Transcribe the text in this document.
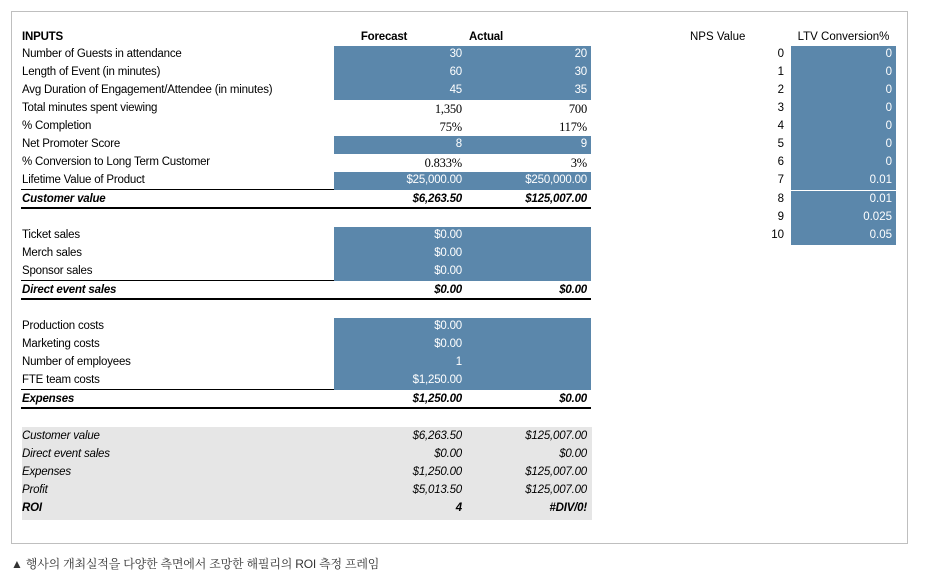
INPUTS	Forecast	Actual
Number of Guests in attendance	30	20
Length of Event (in minutes)	60	30
Avg Duration of Engagement/Attendee (in minutes)	45	35
Total minutes spent viewing	1,350	700
% Completion	75%	117%
Net Promoter Score	8	9
% Conversion to Long Term Customer	0.833%	3%
Lifetime Value of Product	$25,000.00	$250,000.00
Customer value	$6,263.50	$125,007.00
Ticket sales	$0.00
Merch sales	$0.00
Sponsor sales	$0.00
Direct event sales	$0.00	$0.00
Production costs	$0.00
Marketing costs	$0.00
Number of employees	1
FTE team costs	$1,250.00
Expenses	$1,250.00	$0.00
Customer value	$6,263.50	$125,007.00
Direct event sales	$0.00	$0.00
Expenses	$1,250.00	$125,007.00
Profit	$5,013.50	$125,007.00
ROI	4	#DIV/0!
NPS Value	LTV Conversion%
0	0
1	0
2	0
3	0
4	0
5	0
6	0
7	0.01
8	0.01
9	0.025
10	0.05
▲ 행사의 개최실적을 다양한 측면에서 조망한 해필리의 ROI 측정 프레임
